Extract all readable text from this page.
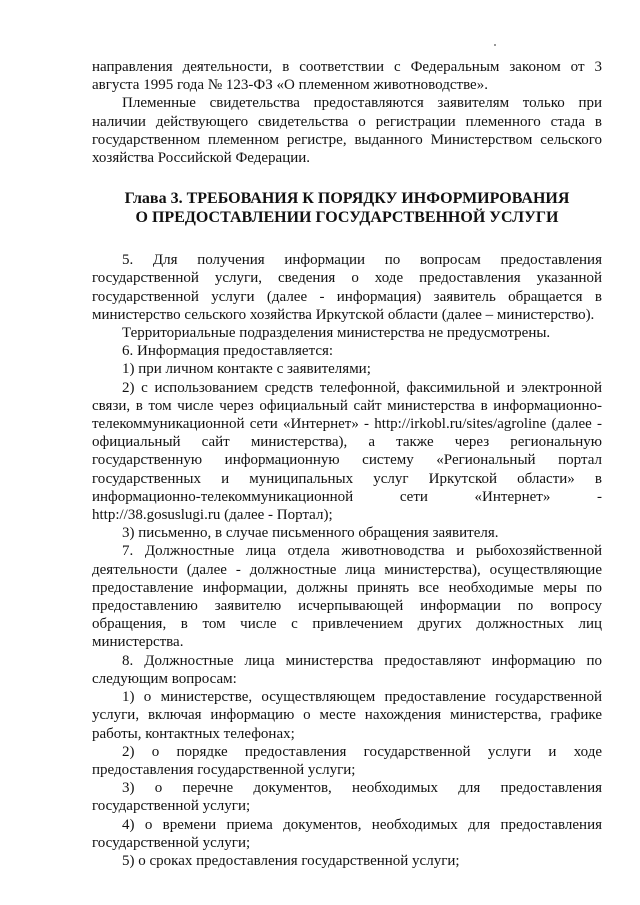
направления деятельности, в соответствии с Федеральным законом от 3 августа 1995 года № 123-ФЗ «О племенном животноводстве».

Племенные свидетельства предоставляются заявителям только при наличии действующего свидетельства о регистрации племенного стада в государственном племенном регистре, выданного Министерством сельского хозяйства Российской Федерации.

Глава 3. ТРЕБОВАНИЯ К ПОРЯДКУ ИНФОРМИРОВАНИЯ
О ПРЕДОСТАВЛЕНИИ ГОСУДАРСТВЕННОЙ УСЛУГИ

5. Для получения информации по вопросам предоставления государственной услуги, сведения о ходе предоставления указанной государственной услуги (далее - информация) заявитель обращается в министерство сельского хозяйства Иркутской области (далее – министерство).

Территориальные подразделения министерства не предусмотрены.

6. Информация предоставляется:

1) при личном контакте с заявителями;

2) с использованием средств телефонной, факсимильной и электронной связи, в том числе через официальный сайт министерства в информационно-телекоммуникационной сети «Интернет» - http://irkobl.ru/sites/agroline (далее - официальный сайт министерства), а также через региональную государственную информационную систему «Региональный портал государственных и муниципальных услуг Иркутской области» в информационно-телекоммуникационной сети «Интернет» - http://38.gosuslugi.ru (далее - Портал);

3) письменно, в случае письменного обращения заявителя.

7. Должностные лица отдела животноводства и рыбохозяйственной деятельности (далее - должностные лица министерства), осуществляющие предоставление информации, должны принять все необходимые меры по предоставлению заявителю исчерпывающей информации по вопросу обращения, в том числе с привлечением других должностных лиц министерства.

8. Должностные лица министерства предоставляют информацию по следующим вопросам:

1) о министерстве, осуществляющем предоставление государственной услуги, включая информацию о месте нахождения министерства, графике работы, контактных телефонах;

2) о порядке предоставления государственной услуги и ходе предоставления государственной услуги;

3) о перечне документов, необходимых для предоставления государственной услуги;

4) о времени приема документов, необходимых для предоставления государственной услуги;

5) о сроках предоставления государственной услуги;
